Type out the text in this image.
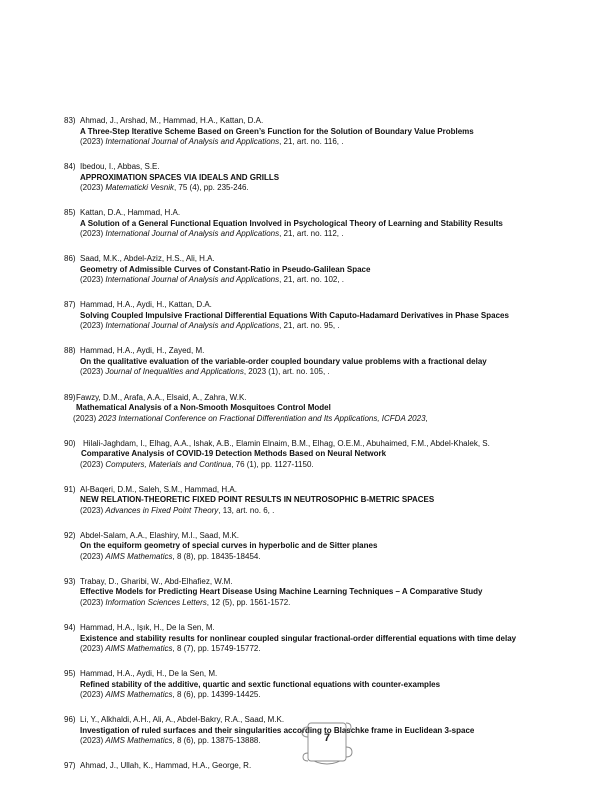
83) Ahmad, J., Arshad, M., Hammad, H.A., Kattan, D.A.
A Three-Step Iterative Scheme Based on Green’s Function for the Solution of Boundary Value Problems
(2023) International Journal of Analysis and Applications, 21, art. no. 116, .
84) Ibedou, I., Abbas, S.E.
APPROXIMATION SPACES VIA IDEALS AND GRILLS
(2023) Matematicki Vesnik, 75 (4), pp. 235-246.
85) Kattan, D.A., Hammad, H.A.
A Solution of a General Functional Equation Involved in Psychological Theory of Learning and Stability Results
(2023) International Journal of Analysis and Applications, 21, art. no. 112, .
86) Saad, M.K., Abdel-Aziz, H.S., Ali, H.A.
Geometry of Admissible Curves of Constant-Ratio in Pseudo-Galilean Space
(2023) International Journal of Analysis and Applications, 21, art. no. 102, .
87) Hammad, H.A., Aydi, H., Kattan, D.A.
Solving Coupled Impulsive Fractional Differential Equations With Caputo-Hadamard Derivatives in Phase Spaces
(2023) International Journal of Analysis and Applications, 21, art. no. 95, .
88) Hammad, H.A., Aydi, H., Zayed, M.
On the qualitative evaluation of the variable-order coupled boundary value problems with a fractional delay
(2023) Journal of Inequalities and Applications, 2023 (1), art. no. 105, .
89) Fawzy, D.M., Arafa, A.A., Elsaid, A., Zahra, W.K.
Mathematical Analysis of a Non-Smooth Mosquitoes Control Model
(2023) 2023 International Conference on Fractional Differentiation and Its Applications, ICFDA 2023,
90) Hilali-Jaghdam, I., Elhag, A.A., Ishak, A.B., Elamin Elnaim, B.M., Elhag, O.E.M., Abuhaimed, F.M., Abdel-Khalek, S.
Comparative Analysis of COVID-19 Detection Methods Based on Neural Network
(2023) Computers, Materials and Continua, 76 (1), pp. 1127-1150.
91) Al-Baqeri, D.M., Saleh, S.M., Hammad, H.A.
NEW RELATION-THEORETIC FIXED POINT RESULTS IN NEUTROSOPHIC B-METRIC SPACES
(2023) Advances in Fixed Point Theory, 13, art. no. 6, .
92) Abdel-Salam, A.A., Elashiry, M.I., Saad, M.K.
On the equiform geometry of special curves in hyperbolic and de Sitter planes
(2023) AIMS Mathematics, 8 (8), pp. 18435-18454.
93) Trabay, D., Gharibi, W., Abd-Elhafiez, W.M.
Effective Models for Predicting Heart Disease Using Machine Learning Techniques – A Comparative Study
(2023) Information Sciences Letters, 12 (5), pp. 1561-1572.
94) Hammad, H.A., Işık, H., De la Sen, M.
Existence and stability results for nonlinear coupled singular fractional-order differential equations with time delay
(2023) AIMS Mathematics, 8 (7), pp. 15749-15772.
95) Hammad, H.A., Aydi, H., De la Sen, M.
Refined stability of the additive, quartic and sextic functional equations with counter-examples
(2023) AIMS Mathematics, 8 (6), pp. 14399-14425.
96) Li, Y., Alkhaldi, A.H., Ali, A., Abdel-Bakry, R.A., Saad, M.K.
Investigation of ruled surfaces and their singularities according to Blaschke frame in Euclidean 3-space
(2023) AIMS Mathematics, 8 (6), pp. 13875-13888.
97) Ahmad, J., Ullah, K., Hammad, H.A., George, R.
7
